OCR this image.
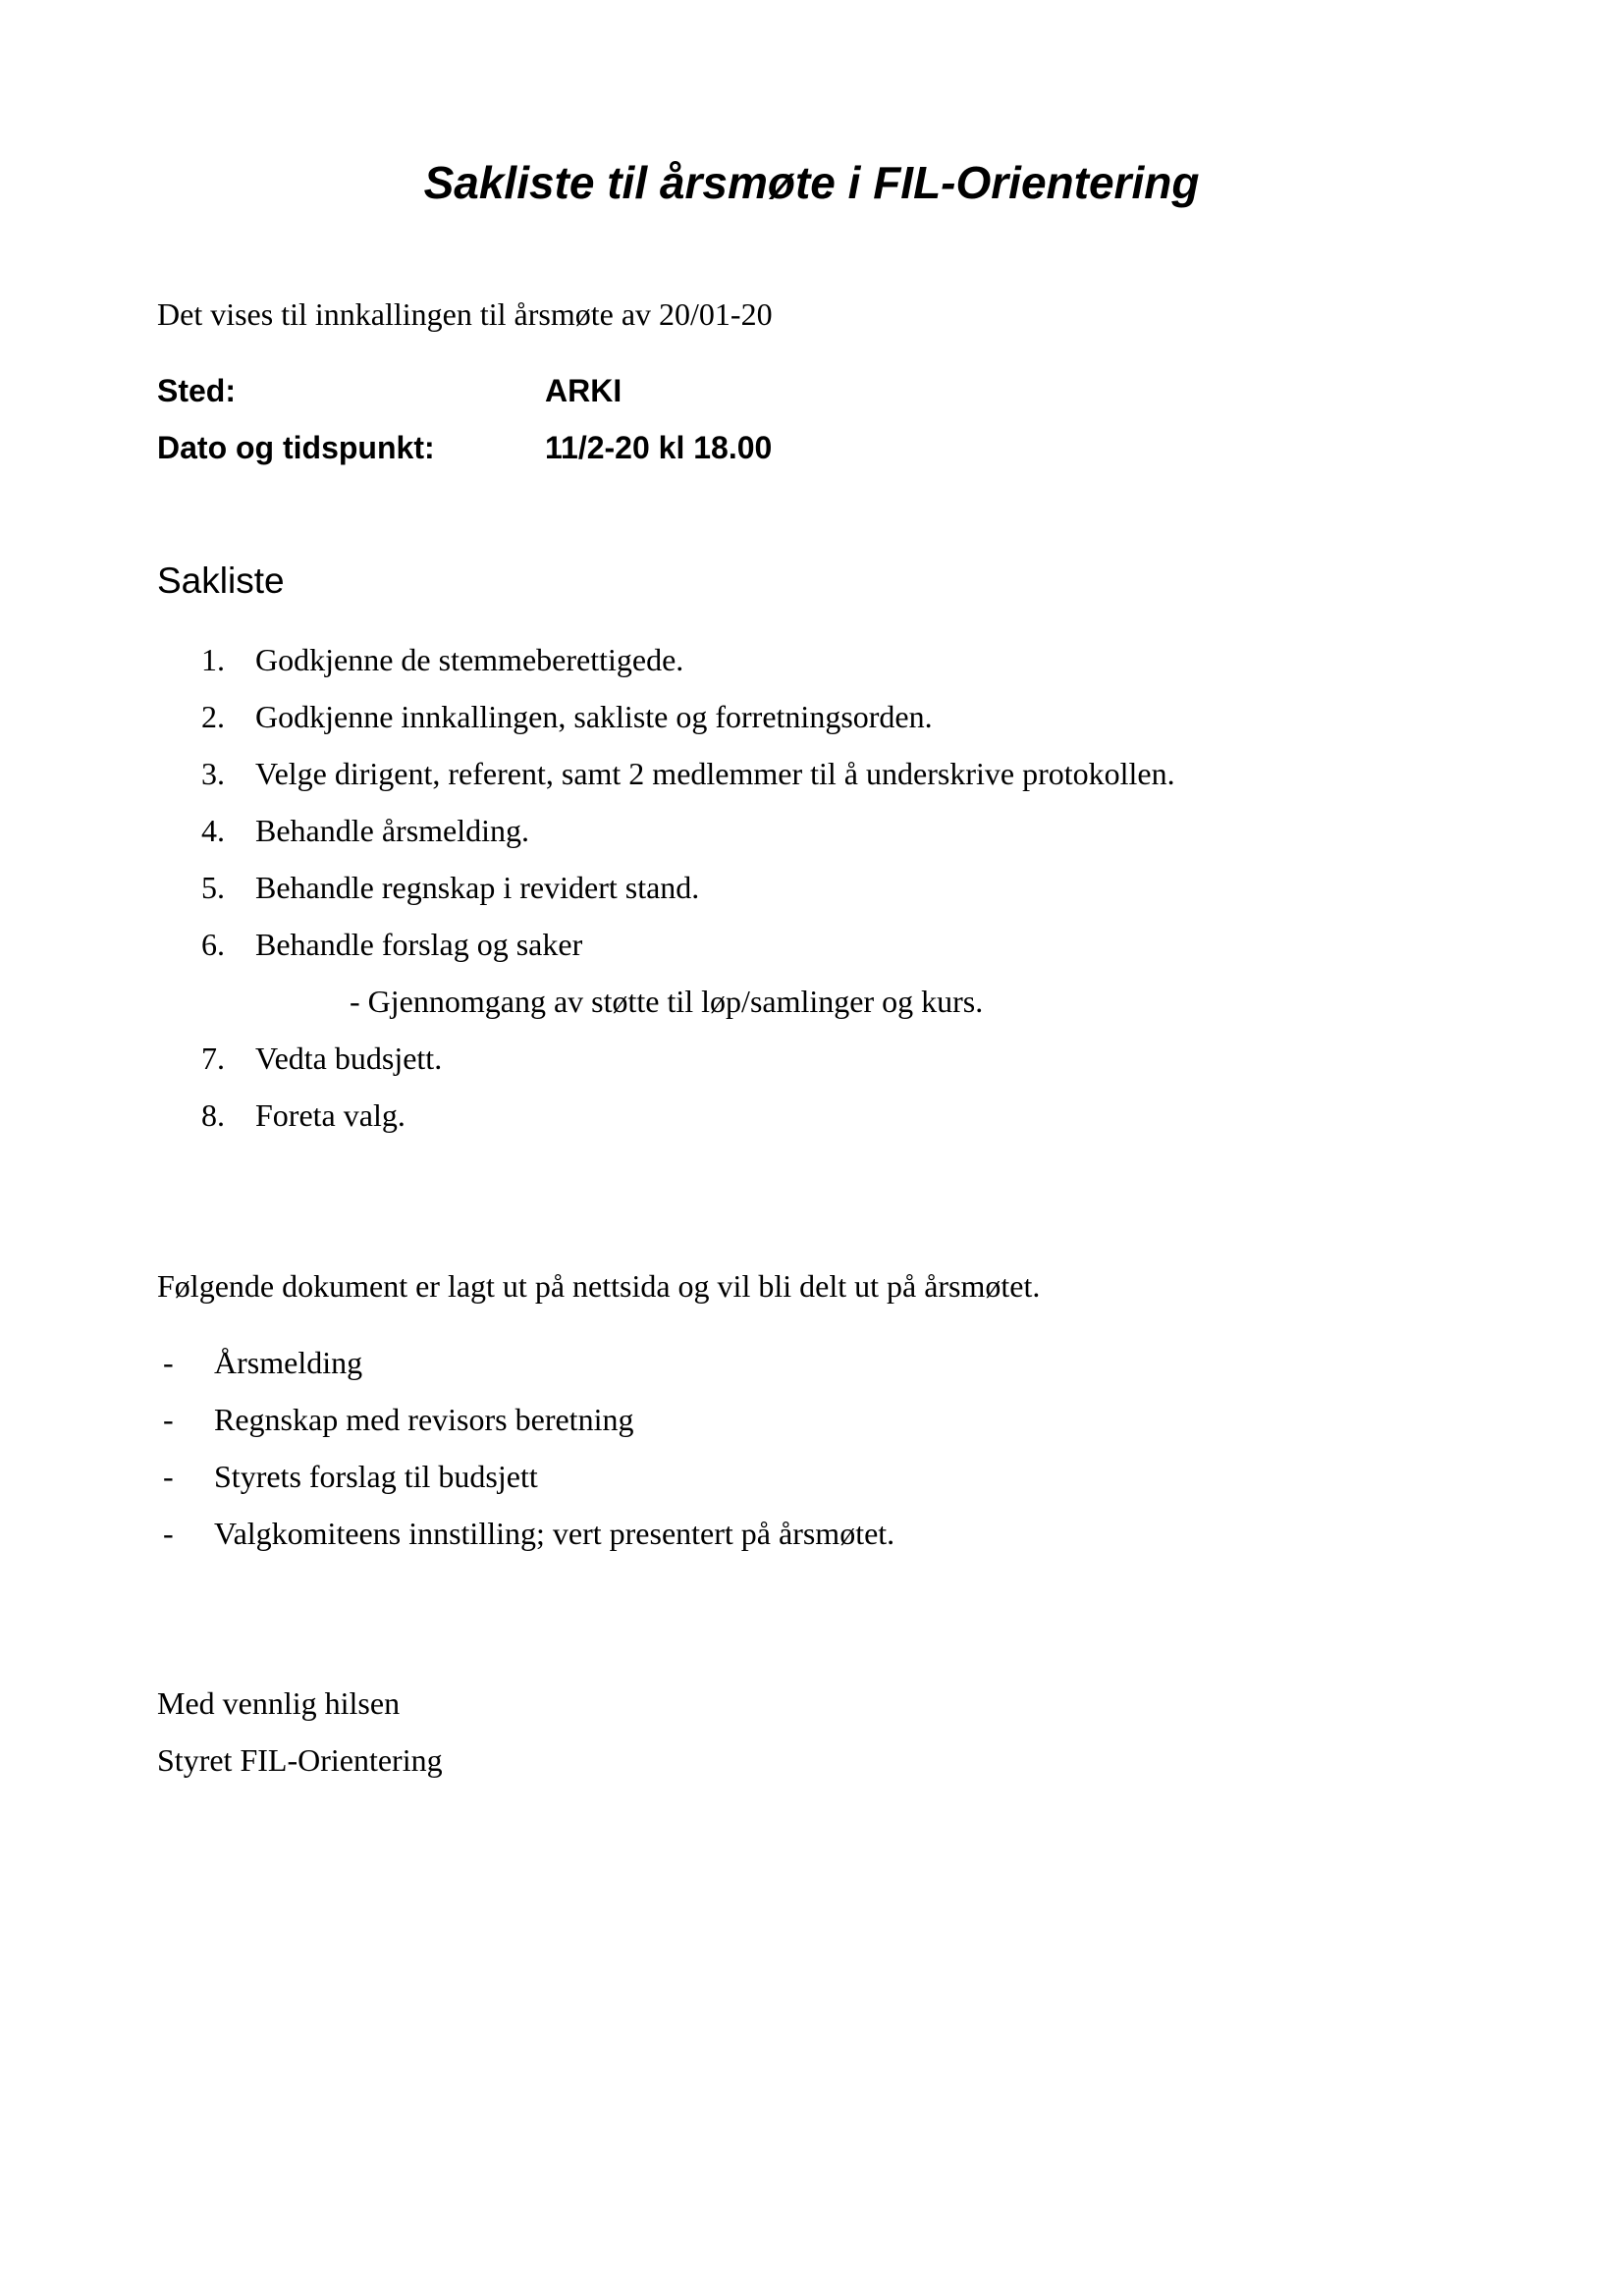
Sakliste til årsmøte i FIL-Orientering
Det vises til innkallingen til årsmøte av 20/01-20
Sted:	ARKI
Dato og tidspunkt:	11/2-20 kl 18.00
Sakliste
1. Godkjenne de stemmeberettigede.
2. Godkjenne innkallingen, sakliste og forretningsorden.
3. Velge dirigent, referent, samt 2 medlemmer til å underskrive protokollen.
4. Behandle årsmelding.
5. Behandle regnskap i revidert stand.
6. Behandle forslag og saker
- Gjennomgang av støtte til løp/samlinger og kurs.
7. Vedta budsjett.
8. Foreta valg.
Følgende dokument er lagt ut på nettsida og vil bli delt ut på årsmøtet.
- Årsmelding
- Regnskap med revisors beretning
- Styrets forslag til budsjett
- Valgkomiteens innstilling; vert presentert på årsmøtet.
Med vennlig hilsen
Styret FIL-Orientering
